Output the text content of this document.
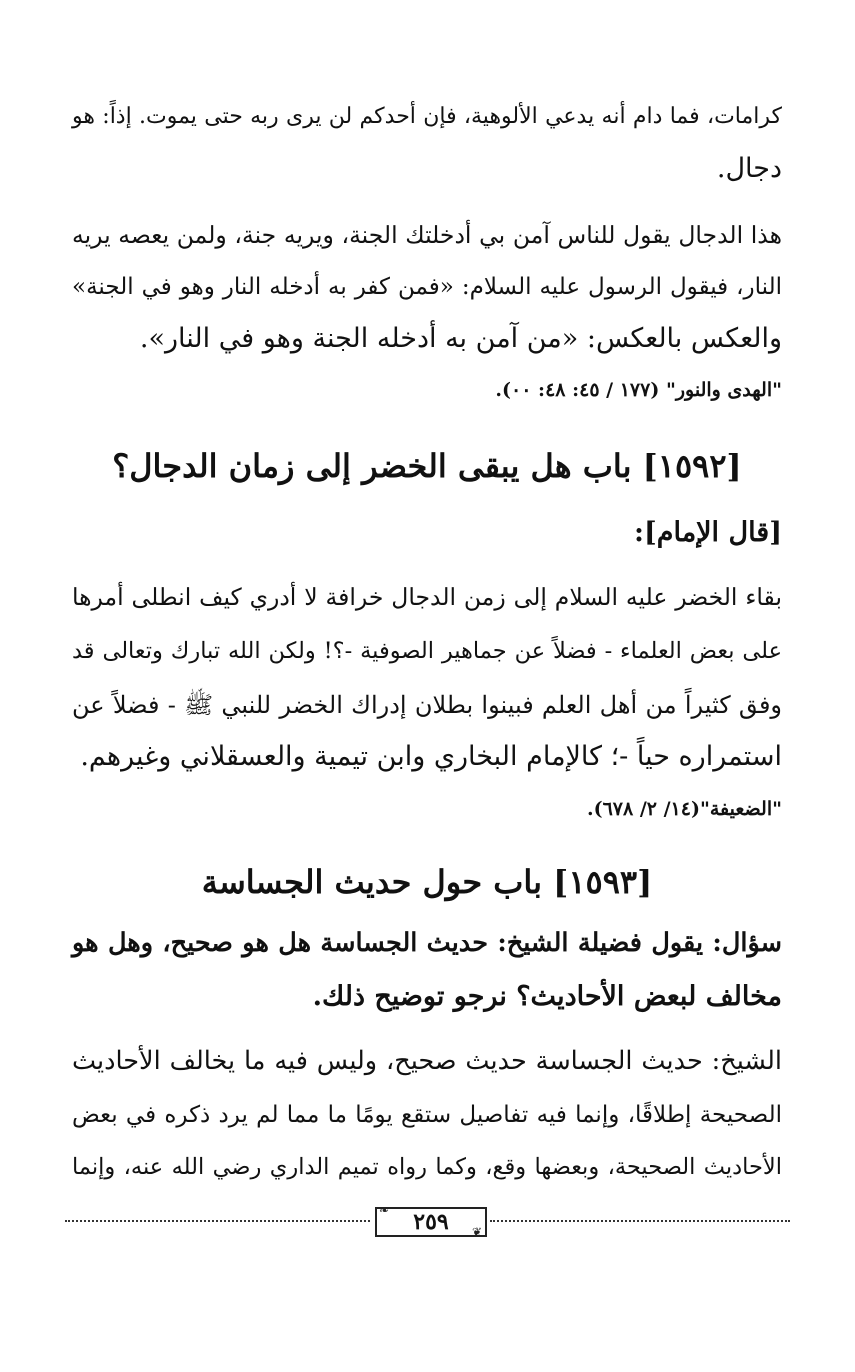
كرامات، فما دام أنه يدعي الألوهية، فإن أحدكم لن يرى ربه حتى يموت. إذاً: هو
دجال.
هذا الدجال يقول للناس آمن بي أدخلتك الجنة، ويريه جنة، ولمن يعصه يريه
النار، فيقول الرسول عليه السلام: «فمن كفر به أدخله النار وهو في الجنة»
والعكس بالعكس: «من آمن به أدخله الجنة وهو في النار».
"الهدى والنور" (١٧٧ / ٤٥: ٤٨: ٠٠).
[١٥٩٢] باب هل يبقى الخضر إلى زمان الدجال؟
[قال الإمام]:
بقاء الخضر عليه السلام إلى زمن الدجال خرافة لا أدري كيف انطلى أمرها
على بعض العلماء - فضلاً عن جماهير الصوفية -؟! ولكن الله تبارك وتعالى قد
وفق كثيراً من أهل العلم فبينوا بطلان إدراك الخضر للنبي ﷺ - فضلاً عن
استمراره حياً -؛ كالإمام البخاري وابن تيمية والعسقلاني وغيرهم.
"الضعيفة"(١٤/ ٢/ ٦٧٨).
[١٥٩٣] باب حول حديث الجساسة
سؤال: يقول فضيلة الشيخ: حديث الجساسة هل هو صحيح، وهل هو
مخالف لبعض الأحاديث؟ نرجو توضيح ذلك.
الشيخ: حديث الجساسة حديث صحيح، وليس فيه ما يخالف الأحاديث
الصحيحة إطلاقًا، وإنما فيه تفاصيل ستقع يومًا ما مما لم يرد ذكره في بعض
الأحاديث الصحيحة، وبعضها وقع، وكما رواه تميم الداري رضي الله عنه، وإنما
٢٥٩
❧
❦
